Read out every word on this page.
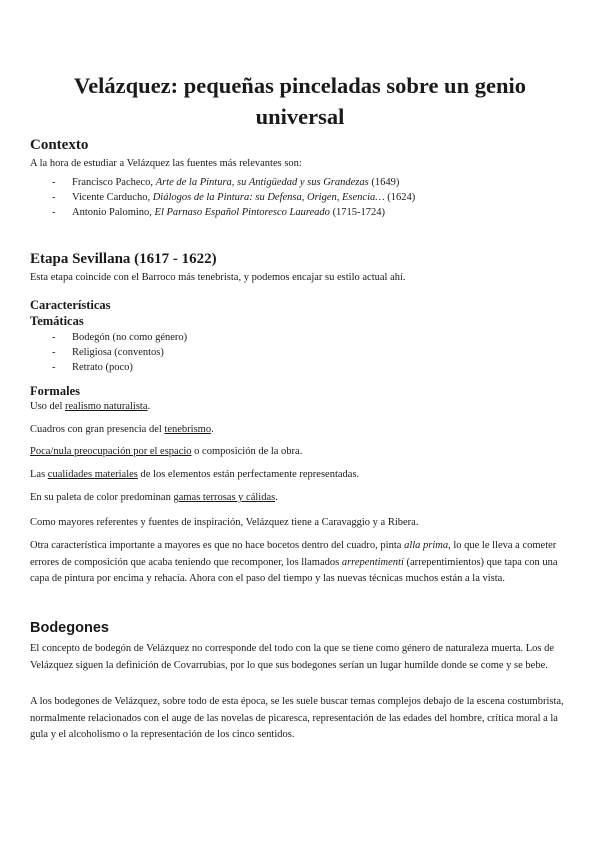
Velázquez: pequeñas pinceladas sobre un genio universal
Contexto

A la hora de estudiar a Velázquez las fuentes más relevantes son:

- Francisco Pacheco, Arte de la Pintura, su Antigüedad y sus Grandezas (1649)
- Vicente Carducho, Diálogos de la Pintura: su Defensa, Origen, Esencia… (1624)
- Antonio Palomino, El Parnaso Español Pintoresco Laureado (1715-1724)
Etapa Sevillana (1617 - 1622)

Esta etapa coincide con el Barroco más tenebrista, y podemos encajar su estilo actual ahí.

Características
Temáticas
- Bodegón (no como género)
- Religiosa (conventos)
- Retrato (poco)
Formales

Uso del realismo naturalista.

Cuadros con gran presencia del tenebrismo.

Poca/nula preocupación por el espacio o composición de la obra.

Las cualidades materiales de los elementos están perfectamente representadas.

En su paleta de color predominan gamas terrosas y cálidas.

Como mayores referentes y fuentes de inspiración, Velázquez tiene a Caravaggio y a Ribera.

Otra característica importante a mayores es que no hace bocetos dentro del cuadro, pinta alla prima, lo que le lleva a cometer errores de composición que acaba teniendo que recomponer, los llamados arrepentimenti (arrepentimientos) que tapa con una capa de pintura por encima y rehacía. Ahora con el paso del tiempo y las nuevas técnicas muchos están a la vista.

Bodegones

El concepto de bodegón de Velázquez no corresponde del todo con la que se tiene como género de naturaleza muerta. Los de Velázquez siguen la definición de Covarrubias, por lo que sus bodegones serían un lugar humilde donde se come y se bebe.

A los bodegones de Velázquez, sobre todo de esta época, se les suele buscar temas complejos debajo de la escena costumbrista, normalmente relacionados con el auge de las novelas de picaresca, representación de las edades del hombre, crítica moral a la gula y el alcoholismo o la representación de los cinco sentidos.
